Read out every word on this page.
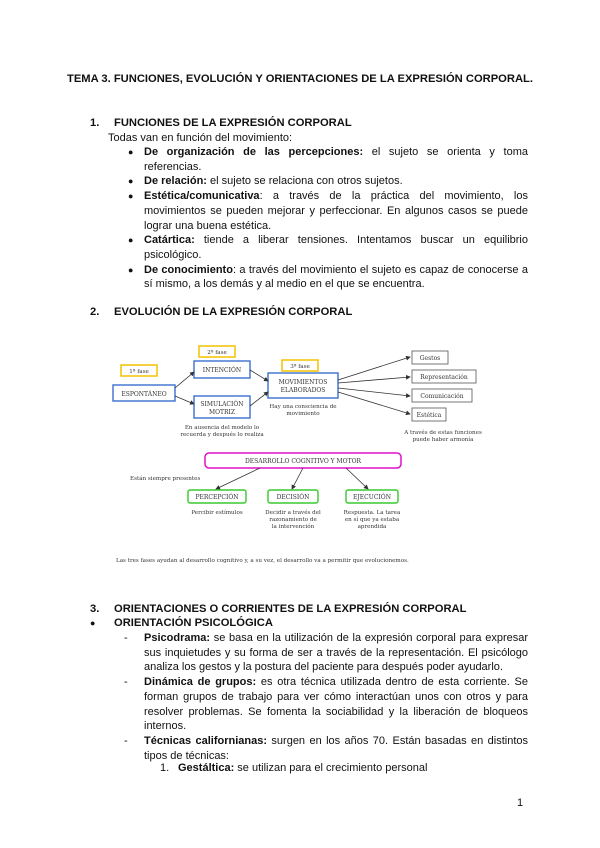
TEMA 3. FUNCIONES, EVOLUCIÓN Y ORIENTACIONES DE LA EXPRESIÓN CORPORAL.
1. FUNCIONES DE LA EXPRESIÓN CORPORAL
Todas van en función del movimiento:
● De organización de las percepciones: el sujeto se orienta y toma referencias.
● De relación: el sujeto se relaciona con otros sujetos.
● Estética/comunicativa: a través de la práctica del movimiento, los movimientos se pueden mejorar y perfeccionar. En algunos casos se puede lograr una buena estética.
● Catártica: tiende a liberar tensiones. Intentamos buscar un equilibrio psicológico.
● De conocimiento: a través del movimiento el sujeto es capaz de conocerse a sí mismo, a los demás y al medio en el que se encuentra.
2. EVOLUCIÓN DE LA EXPRESIÓN CORPORAL
1ª fase
2ª fase
3ª fase
ESPONTÁNEO
INTENCIÓN
SIMULACIÓN
MOTRIZ
MOVIMIENTOS
ELABORADOS
Gestos
Representación
Comunicación
Estética
En ausencia del modelo lo
recuerda y después lo realiza
Hay una consciencia de
movimiento
A través de estas funciones
puede haber armonía
DESARROLLO COGNITIVO Y MOTOR
Están siempre presentes
PERCEPCIÓN	DECISIÓN	EJECUCIÓN
Percibir estímulos	Decidir a través del
razonamiento de
la intervención
Respuesta. La tarea
en sí que ya estaba
aprendida
Las tres fases ayudan al desarrollo cognitivo y, a su vez, el desarrollo va a permitir que evolucionemos.
3. ORIENTACIONES O CORRIENTES DE LA EXPRESIÓN CORPORAL
● ORIENTACIÓN PSICOLÓGICA
- Psicodrama: se basa en la utilización de la expresión corporal para expresar sus inquietudes y su forma de ser a través de la representación. El psicólogo analiza los gestos y la postura del paciente para después poder ayudarlo.
- Dinámica de grupos: es otra técnica utilizada dentro de esta corriente. Se forman grupos de trabajo para ver cómo interactúan unos con otros y para resolver problemas. Se fomenta la sociabilidad y la liberación de bloqueos internos.
- Técnicas californianas: surgen en los años 70. Están basadas en distintos tipos de técnicas:
1. Gestáltica: se utilizan para el crecimiento personal
1
